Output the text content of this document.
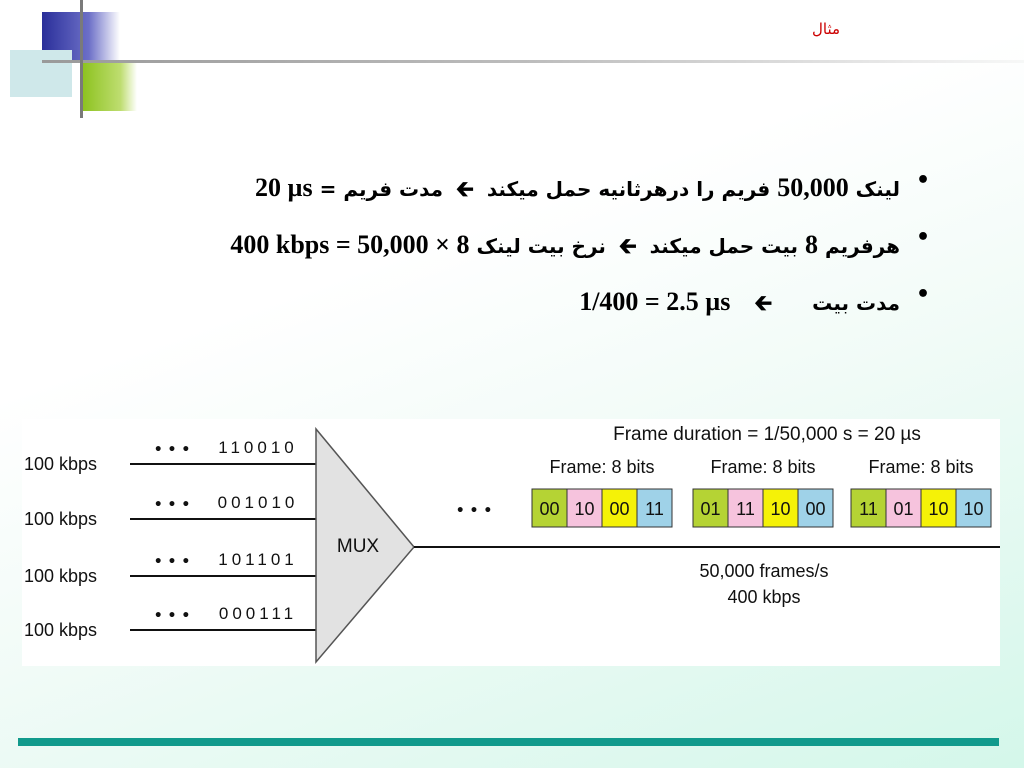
مثال
•
لینک 50,000 فریم را درهرثانیه حمل میکند 🡰 مدت فریم = 20 µs
•
هرفریم 8 بیت حمل میکند 🡰 نرخ بیت لینک 400 kbps = 50,000 × 8
•
مدت بیت🡰1/400 = 2.5 µs
100 kbps
• • • 110010
100 kbps
• • • 001010
100 kbps
• • • 101101
100 kbps
• • • 000111
MUX
• • •
Frame duration = 1/50,000 s = 20 µs
Frame: 8 bits
00 10 00 11
Frame: 8 bits
01 11 10 00
Frame: 8 bits
11 01 10 10
50,000 frames/s
400 kbps
